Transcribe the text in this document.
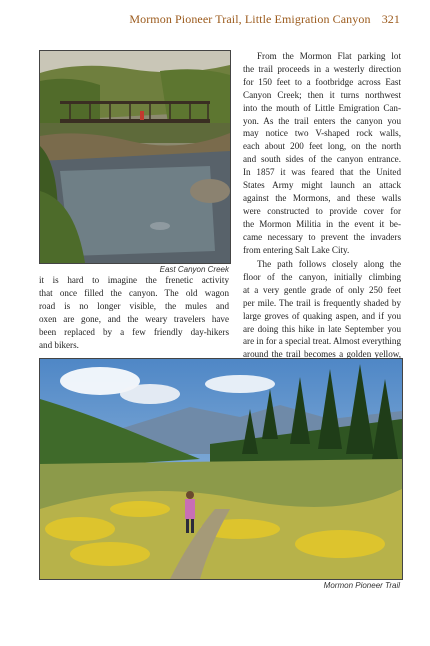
Mormon Pioneer Trail, Little Emigration Canyon 321
East Canyon Creek
From the Mormon Flat parking lot
the trail proceeds in a westerly direction
for 150 feet to a footbridge across East
Canyon Creek; then it turns northwest
into the mouth of Little Emigration Can-
yon. As the trail enters the canyon you
may notice two V-shaped rock walls,
each about 200 feet long, on the north
and south sides of the canyon entrance.
In 1857 it was feared that the United
States Army might launch an attack
against the Mormons, and these walls
were constructed to provide cover for
the Mormon Militia in the event it be-
came necessary to prevent the invaders
from entering Salt Lake City.
The path follows closely along the
floor of the canyon, initially climbing
at a very gentle grade of only 250 feet
per mile. The trail is frequently shaded by
large groves of quaking aspen, and if you
are doing this hike in late September you
are in for a special treat. Almost everything
around the trail becomes a golden yellow,
it is hard to imagine the frenetic activity
that once filled the canyon. The old wagon
road is no longer visible, the mules and
oxen are gone, and the weary travelers have
been replaced by a few friendly day-hikers
and bikers.
Mormon Pioneer Trail
